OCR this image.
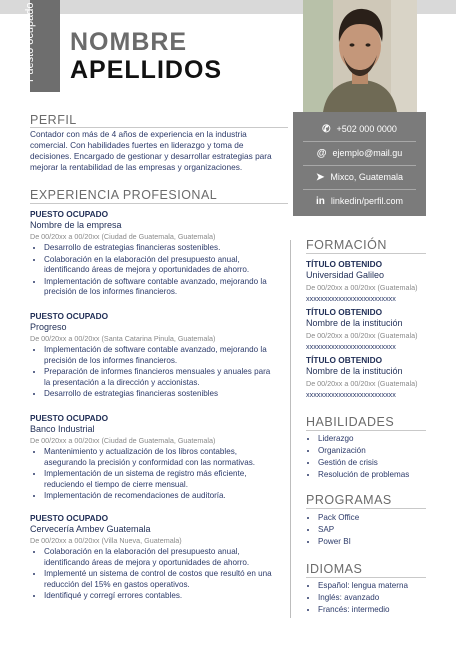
Puesto ocupado NOMBRE
APELLIDOS
✆ +502 000 0000
@ ejemplo@mail.gu
➤ Mixco, Guatemala
in linkedin/perfil.com
PERFIL
Contador con más de 4 años de experiencia en la industria comercial. Con habilidades fuertes en liderazgo y toma de decisiones. Encargado de gestionar y desarrollar estrategias para mejorar la rentabilidad de las empresas y organizaciones.
EXPERIENCIA PROFESIONAL
PUESTO OCUPADO
Nombre de la empresa
De 00/20xx a 00/20xx (Ciudad de Guatemala, Guatemala)
• Desarrollo de estrategias financieras sostenibles.
• Colaboración en la elaboración del presupuesto anual, identificando áreas de mejora y oportunidades de ahorro.
• Implementación de software contable avanzado, mejorando la precisión de los informes financieros.
PUESTO OCUPADO
Progreso
De 00/20xx a 00/20xx (Santa Catarina Pinula, Guatemala)
• Implementación de software contable avanzado, mejorando la precisión de los informes financieros.
• Preparación de informes financieros mensuales y anuales para la presentación a la dirección y accionistas.
• Desarrollo de estrategias financieras sostenibles
PUESTO OCUPADO
Banco Industrial
De 00/20xx a 00/20xx (Ciudad de Guatemala, Guatemala)
• Mantenimiento y actualización de los libros contables, asegurando la precisión y conformidad con las normativas.
• Implementación de un sistema de registro más eficiente, reduciendo el tiempo de cierre mensual.
• Implementación de recomendaciones de auditoría.
PUESTO OCUPADO
Cervecería Ambev Guatemala
De 00/20xx a 00/20xx (Villa Nueva, Guatemala)
• Colaboración en la elaboración del presupuesto anual, identificando áreas de mejora y oportunidades de ahorro.
• Implementé un sistema de control de costos que resultó en una reducción del 15% en gastos operativos.
• Identifiqué y corregí errores contables.
FORMACIÓN
TÍTULO OBTENIDO
Universidad Galileo
De 00/20xx a 00/20xx (Guatemala)
xxxxxxxxxxxxxxxxxxxxxxxxx
TÍTULO OBTENIDO
Nombre de la institución
De 00/20xx a 00/20xx (Guatemala)
xxxxxxxxxxxxxxxxxxxxxxxxx
TÍTULO OBTENIDO
Nombre de la institución
De 00/20xx a 00/20xx (Guatemala)
xxxxxxxxxxxxxxxxxxxxxxxxx
HABILIDADES
• Liderazgo
• Organización
• Gestión de crisis
• Resolución de problemas
PROGRAMAS
• Pack Office
• SAP
• Power BI
IDIOMAS
• Español: lengua materna
• Inglés: avanzado
• Francés: intermedio
